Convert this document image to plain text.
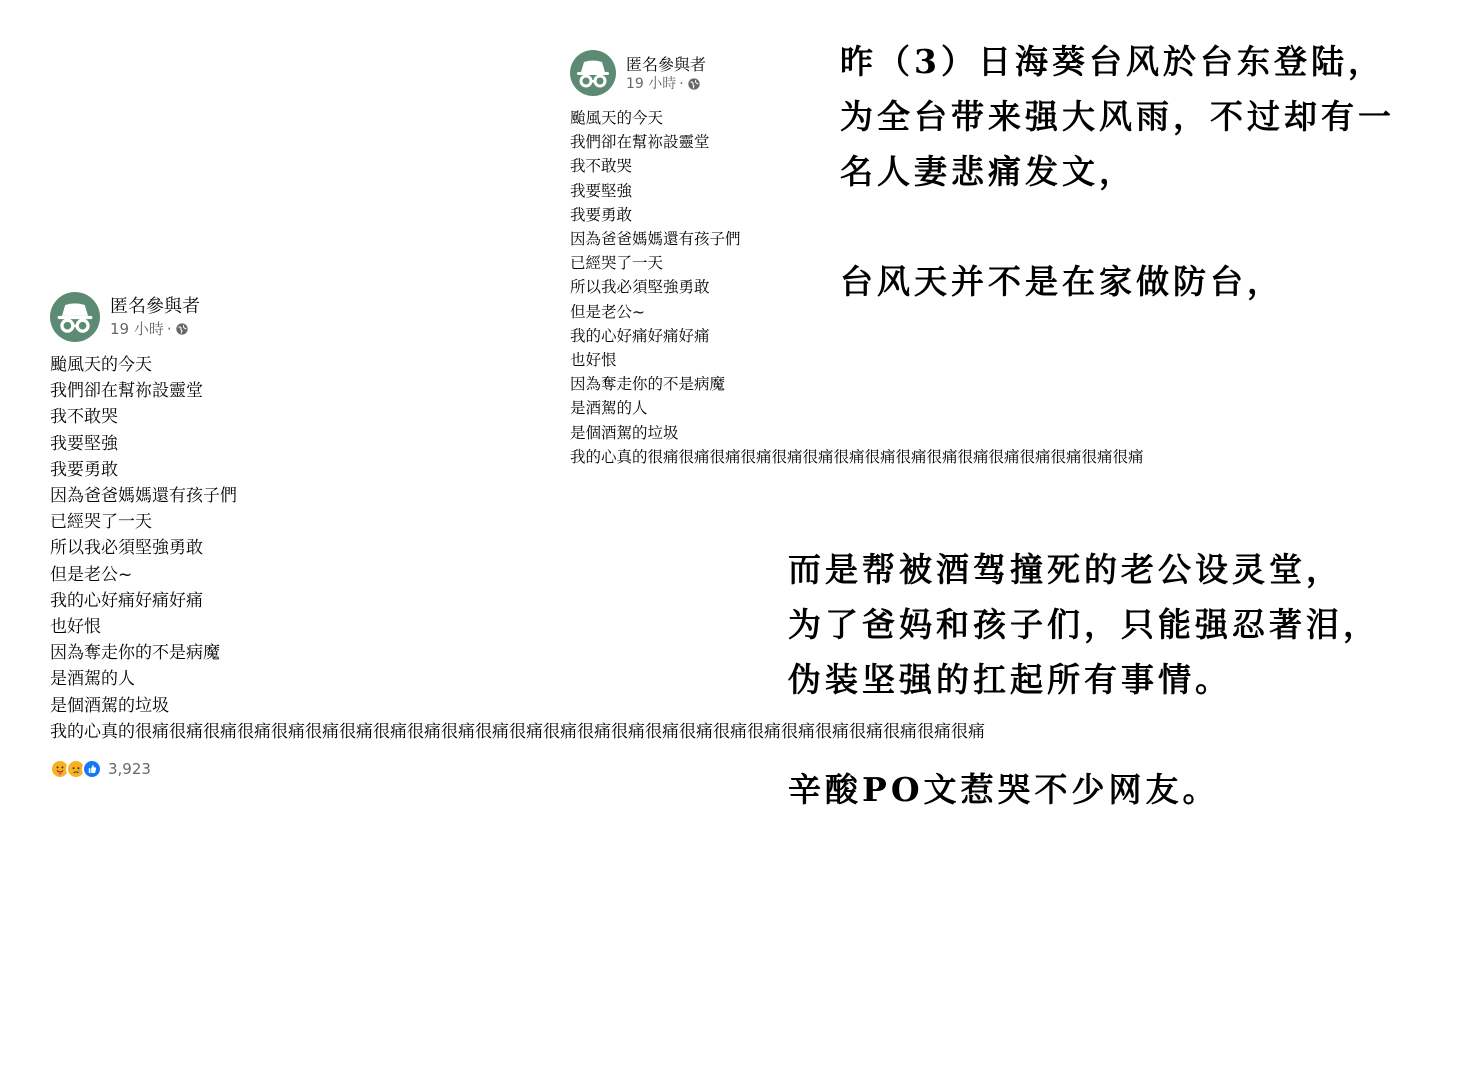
匿名參與者
19 小時 ·
颱風天的今天
我們卻在幫祢設靈堂
我不敢哭
我要堅強
我要勇敢
因為爸爸媽媽還有孩子們
已經哭了一天
所以我必須堅強勇敢
但是老公~
我的心好痛好痛好痛
也好恨
因為奪走你的不是病魔
是酒駕的人
是個酒駕的垃圾
我的心真的很痛很痛很痛很痛很痛很痛很痛很痛很痛很痛很痛很痛很痛很痛很痛很痛
匿名參與者
19 小時 ·
颱風天的今天
我們卻在幫祢設靈堂
我不敢哭
我要堅強
我要勇敢
因為爸爸媽媽還有孩子們
已經哭了一天
所以我必須堅強勇敢
但是老公~
我的心好痛好痛好痛
也好恨
因為奪走你的不是病魔
是酒駕的人
是個酒駕的垃圾
我的心真的很痛很痛很痛很痛很痛很痛很痛很痛很痛很痛很痛很痛很痛很痛很痛很痛很痛很痛很痛很痛很痛很痛很痛很痛很痛
3,923
昨（3）日海葵台风於台东登陆，
为全台带来强大风雨，不过却有一
名人妻悲痛发文，
台风天并不是在家做防台，
而是帮被酒驾撞死的老公设灵堂，
为了爸妈和孩子们，只能强忍著泪，
伪装坚强的扛起所有事情。
辛酸PO文惹哭不少网友。
